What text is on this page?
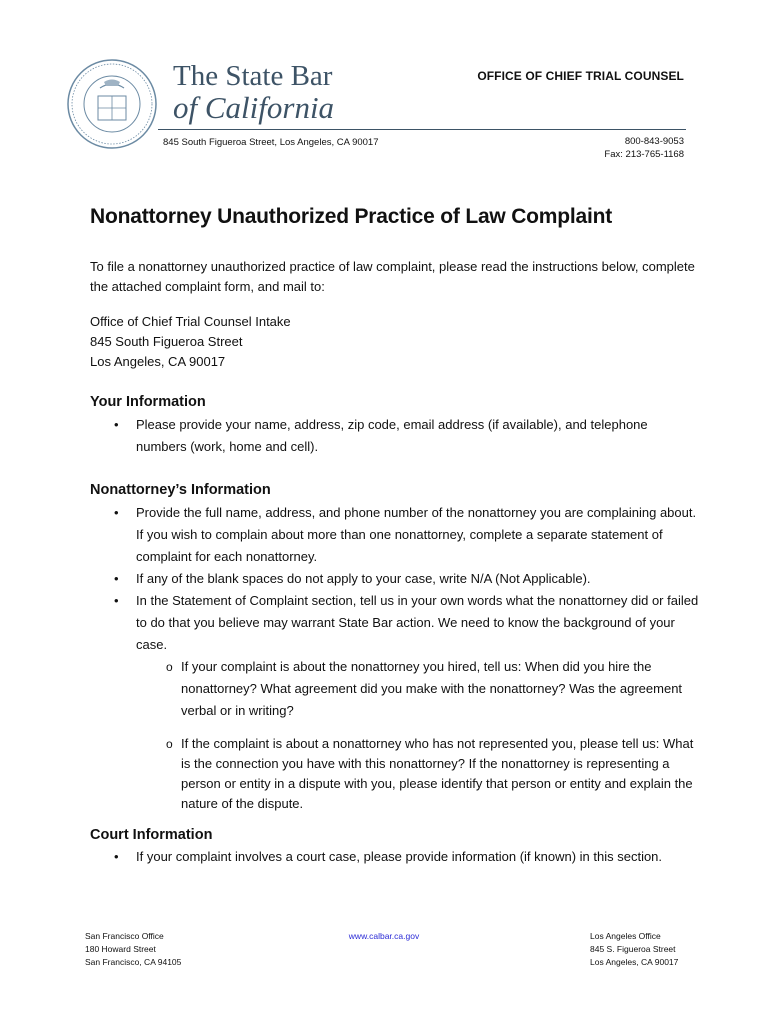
The State Bar
of California
OFFICE OF CHIEF TRIAL COUNSEL
845 South Figueroa Street, Los Angeles, CA 90017	800-843-9053
Fax: 213-765-1168
Nonattorney Unauthorized Practice of Law Complaint

To file a nonattorney unauthorized practice of law complaint, please read the instructions below, complete the attached complaint form, and mail to:

Office of Chief Trial Counsel Intake
845 South Figueroa Street
Los Angeles, CA 90017
Your Information
• Please provide your name, address, zip code, email address (if available), and telephone numbers (work, home and cell).
Nonattorney’s Information
• Provide the full name, address, and phone number of the nonattorney you are complaining about. If you wish to complain about more than one nonattorney, complete a separate statement of complaint for each nonattorney.
• If any of the blank spaces do not apply to your case, write N/A (Not Applicable).
• In the Statement of Complaint section, tell us in your own words what the nonattorney did or failed to do that you believe may warrant State Bar action. We need to know the background of your case.
o If your complaint is about the nonattorney you hired, tell us: When did you hire the nonattorney? What agreement did you make with the nonattorney? Was the agreement verbal or in writing?
o If the complaint is about a nonattorney who has not represented you, please tell us: What is the connection you have with this nonattorney? If the nonattorney is representing a person or entity in a dispute with you, please identify that person or entity and explain the nature of the dispute.
Court Information
• If your complaint involves a court case, please provide information (if known) in this section.
San Francisco Office
180 Howard Street
San Francisco, CA 94105
www.calbar.ca.gov	Los Angeles Office
845 S. Figueroa Street
Los Angeles, CA 90017
